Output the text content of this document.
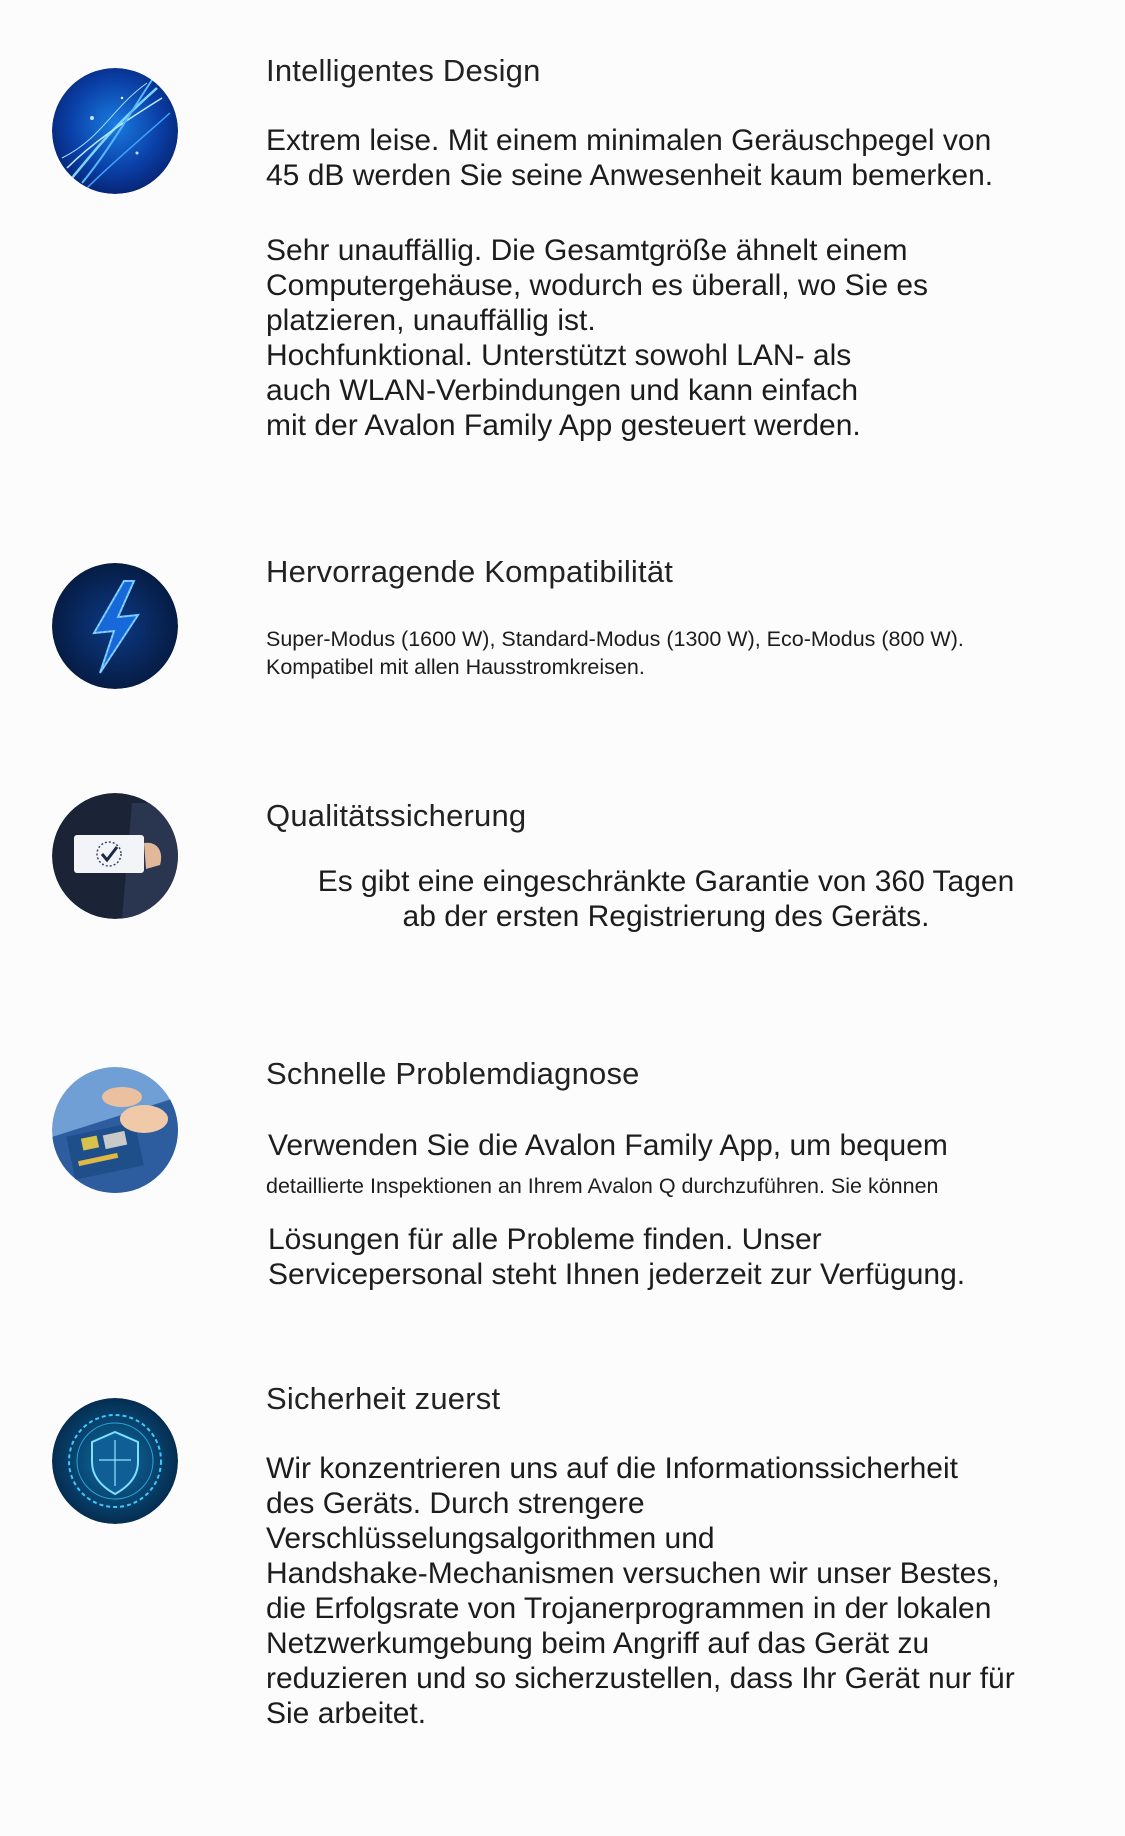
Intelligentes Design
Extrem leise. Mit einem minimalen Geräuschpegel von
45 dB werden Sie seine Anwesenheit kaum bemerken.
Sehr unauffällig. Die Gesamtgröße ähnelt einem
Computergehäuse, wodurch es überall, wo Sie es
platzieren, unauffällig ist.
Hochfunktional. Unterstützt sowohl LAN- als
auch WLAN-Verbindungen und kann einfach
mit der Avalon Family App gesteuert werden.
Hervorragende Kompatibilität
Super-Modus (1600 W), Standard-Modus (1300 W), Eco-Modus (800 W).
Kompatibel mit allen Hausstromkreisen.
Qualitätssicherung
Es gibt eine eingeschränkte Garantie von 360 Tagen
ab der ersten Registrierung des Geräts.
Schnelle Problemdiagnose
Verwenden Sie die Avalon Family App, um bequem
detaillierte Inspektionen an Ihrem Avalon Q durchzuführen. Sie können
Lösungen für alle Probleme finden. Unser
Servicepersonal steht Ihnen jederzeit zur Verfügung.
Sicherheit zuerst
Wir konzentrieren uns auf die Informationssicherheit
des Geräts. Durch strengere
Verschlüsselungsalgorithmen und
Handshake-Mechanismen versuchen wir unser Bestes,
die Erfolgsrate von Trojanerprogrammen in der lokalen
Netzwerkumgebung beim Angriff auf das Gerät zu
reduzieren und so sicherzustellen, dass Ihr Gerät nur für
Sie arbeitet.
